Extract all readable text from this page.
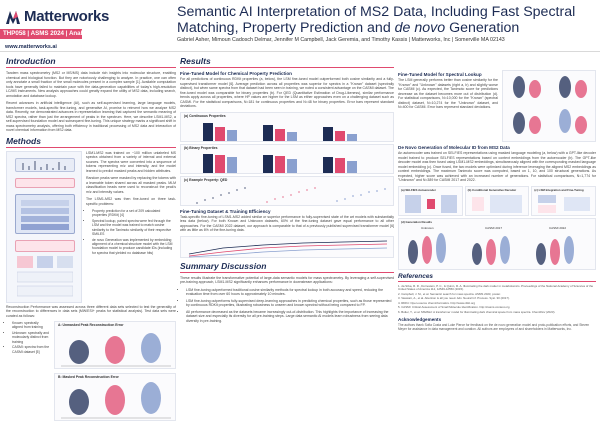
Matterworks
THP058 | ASMS 2024 | Anaheim
www.matterworks.ai
Semantic AI Interpretation of MS2 Data, Including Fast Spectral Matching, Property Prediction and de novo Generation
Gabriel Asher, Mimoun Cadosch Delmar, Jennifer M Campbell, Jack Geremia, and Timothy Kassis | Matterworks, Inc | Somerville MA 02143
Introduction

Tandem mass spectrometry (MS2 or MS/MS) data include rich insights into molecular structure, enabling chemical and biological function. But they are notoriously challenging to analyze. In practice, one can often only annotate a small fraction of the small molecules present in a complex sample [1]. Available computation tools have generally failed to maintain pace with the data-generation capabilities of today's high-resolution LC/MS instruments. New analysis approaches could greatly expand the utility of MS2 data, including search, annotation and database lookup.

Recent advances in artificial intelligence (AI), such as self-supervised learning, large language models, transformer models, task-specific fine-tuning, and generative AI, promise to reinvent how we analyze MS2 data. Recently, we demonstrated advances in representation learning that captured the semantic meaning of MS2 spectra, rather than just the arrangement of peaks in the spectrum. Here, we describe LSM1-MS2, a self-supervised foundation model and subsequent fine-tuning. This unique strategy marks a significant shift in mass spectrometry analysis, offering both efficiency in traditional processing of MS2 data and interaction of novel chemical information from MS2 data.

Methods

LSM1-MS2 was trained on ~100 million unlabeled MS spectra obtained from a variety of internal and external sources. The spectra were converted into a sequence of tokens representing m/z and intensity, and the model learned to predict masked peaks and hidden attributes.

Random peaks were masked by replacing the tokens with a learnable token shared across all masked peaks. MLM classification heads were used to reconstruct the peak's m/z and intensity values.

The LSM1-MS2 was then fine-tuned on three task-specific problems:

• Property prediction for a set of 209 calculated properties (RDKit) [4]
• Spectral lookup, paired spectra were fed through the LSM and the model was trained to match cosine similarity to the Tanimoto similarity of their respective SMILES
• de novo Generation was implemented by embedding alignment of a chemical structure model with the LSM foundation model to produce candidate IDs (including for spectra that yielded no database hits)

Reconstruction Performance was assessed across three different data sets selected to test the generality of the reconstruction to differences in data sets (MW/ESI+ peaks for statistical analysis). Test data sets were curated as follows:

• Known: spectrally aligned from training
• Unknown: spectrally and molecularly distinct from training
• CASMI: spectra from the CASMI dataset [5]
A: Unmasked Peak Reconstruction Error
B: Masked Peak Reconstruction Error
Results
Fine-Tuned Model for Chemical Property Prediction

For all predictions of continuous RDKit properties (a, below), the LSM fine-tuned model outperformed both cosine similarity and a fully-supervised transformer model [6]. Average prediction across all properties was superior for spectra in a "Known" dataset (spectrally distinct), but when same spectra from that dataset had been seen in training, we noted a consistent advantage on the CASMI dataset. The fine-tuned model was comparable for binary properties (b). For QED (Quantitative Estimation of Drug-Likeness), similar performance trends apply across all properties, where HP values are higher for the LSM as either approaches even on a challenging dataset such as CASMI. For the statistical comparisons, N=181 for continuous properties and N=48 for binary properties. Error bars represent standard deviations.

(a) Continuous Properties
(b) Binary Properties
(c) Example Property: QED
Fine-Tuning Dataset & Training Efficiency

Task-specific fine-tuning of LSM1-MS2 added similar or superior performance to fully-supervised state of the art models with substantially less data (below). For both Known and Unknown datasets, 60% of the fine-tuning dataset gave equal performance to all other approaches. For the CASMI 2022 dataset, our approach is comparable to that of a previously published supervised transformer model [6] with as little as 6% of the fine-tuning data.

Summary Discussion

These results illustrate the transformative potential of large-data semantic models for mass spectrometry. By leveraging a self-supervised pre-training approach, LSM1-MS2 significantly enhances performance in downstream applications:

• LSM fine-tuning outperformed traditional cosine similarity methods for spectral lookup in both accuracy and speed, reducing the evaluation time from over 60 hours to approximately 10 minutes.
• LSM fine-tuning outperforms fully-supervised deep-learning approaches in predicting chemical properties, such as those represented by continuous RDKit properties, illustrating robustness to unseen and known spectral without being compared to FP.
• All performance decreased as the datasets became increasingly out-of-distribution. This highlights the importance of increasing the dataset size and especially its diversity for all pre-training steps. Large data semantic AI models learn robustness from seeing data diversity in pre-training.
Fine-Tuned Model for Spectral Lookup

The LSM generally performs better than cosine similarity for the "Known" and "Unknown" datasets (right a, b) and slightly worse for CASMI (c). As expected, the Tanimoto score for predictions decrease as the dataset becomes more out of distribution (d). For statistical comparisons, N=10,000 for the "Known" (spectral distinct) dataset, N=10,274 for the "Unknown" dataset, and N=400 for CASMI. Error bars represent standard deviations.

De Novo Generation of Molecular ID from MS2 Data

An autoencoder was trained on SELFIES representations using masked language modeling (a, below) with a GPT-like decoder model trained to produce SELFIES representations based on context embeddings from the autoencoder (b). The GPT-like decoder model was then fused using LSM1-MS2 embeddings, simultaneously aligned with the corresponding masked language model embedding (c). Once fused, the two models were optimized during inference leveraging the aligned MS2 embeddings as context embeddings. The maximum Tanimoto score was computed, based on 1, 10, and 100 structural generations. As expected, higher score was achieved with an increased number of generations. For statistical comparisons, N=1,774 for "Unknown" and N=389 for CASMI 2017 and 2022.

(a) SELFIES Autoencoder	(b) Conditional Generative Decoder	(c) LSM Integration and Fine-Tuning
(d) Generation Results
Unknown	CASMI 2017	CASMI 2022
References
1. da Silva, R. R., Dorrestein, P. C., & Quinn, R. A. Illuminating the dark matter in metabolomics. Proceedings of the National Academy of Sciences of the United States of America 112, 12549-12550 (2015).
2. Campbell, J. M., et al. Semantic search for mass spectra. ASMS 2023, poster.
3. Vaswani, A., et al. Attention is all you need. Adv. Neural Inf. Process. Syst. 30 (2017).
4. RDKit: Open-source cheminformatics. http://www.rdkit.org
5. CASMI: Critical Assessment of Small Molecule Identification. http://casmi-contest.org
6. Butler, T., et al. MS2Mol: A transformer model for illuminating dark chemical space from mass spectra. ChemRxiv (2023).
Acknowledgements

The authors thank Sofia Costa and Luke Pierce for feedback on the de novo generation model and proto-publication efforts, and Steven Meyer for assistance in data management and curation. All authors are employees of and shareholders in Matterworks, Inc.
